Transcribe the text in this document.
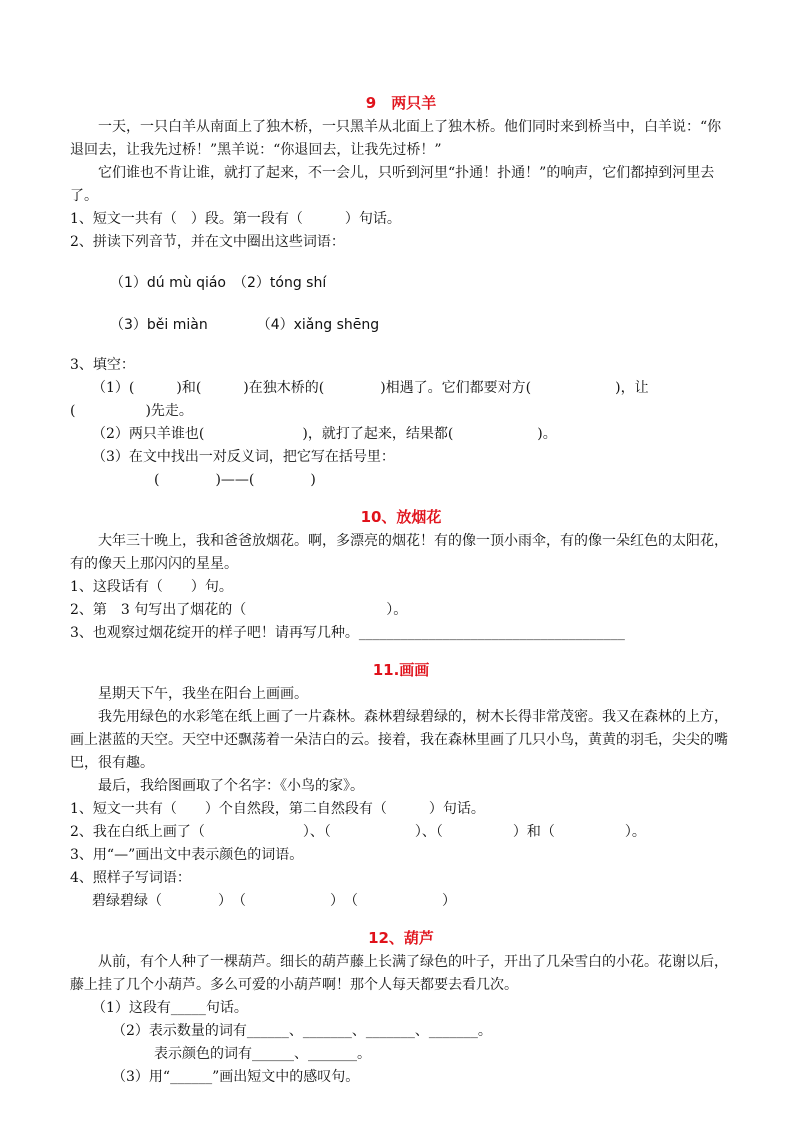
9　两只羊

一天，一只白羊从南面上了独木桥，一只黑羊从北面上了独木桥。他们同时来到桥当中，白羊说：“你退回去，让我先过桥！”黑羊说：“你退回去，让我先过桥！”

它们谁也不肯让谁，就打了起来，不一会儿，只听到河里“扑通！扑通！”的响声，它们都掉到河里去了。

1、短文一共有（　）段。第一段有（　　　）句话。

2、拼读下列音节，并在文中圈出这些词语：

（1）dú mù qiáo　（2）tóng shí

（3）běi miàn　　　　（4）xiǎng shēng

3、填空：

（1）(　　　)和(　　　)在独木桥的(　　　　)相遇了。它们都要对方(　　　　　　)，让

(　　　　　)先走。

（2）两只羊谁也(　　　　　　　)，就打了起来，结果都(　　　　　　)。

（3）在文中找出一对反义词，把它写在括号里：

(　　　　)——(　　　　)

10、放烟花

大年三十晚上，我和爸爸放烟花。啊，多漂亮的烟花！有的像一顶小雨伞，有的像一朵红色的太阳花，有的像天上那闪闪的星星。

1、这段话有（　　）句。

2、第　3 句写出了烟花的（　　　　　　　　　　）。

3、也观察过烟花绽开的样子吧！请再写几种。______________________________________

11.画画

星期天下午，我坐在阳台上画画。

我先用绿色的水彩笔在纸上画了一片森林。森林碧绿碧绿的，树木长得非常茂密。我又在森林的上方，画上湛蓝的天空。天空中还飘荡着一朵洁白的云。接着，我在森林里画了几只小鸟，黄黄的羽毛，尖尖的嘴巴，很有趣。

最后，我给图画取了个名字：《小鸟的家》。

1、短文一共有（　　）个自然段，第二自然段有（　　　）句话。

2、我在白纸上画了（　　　　　　　）、（　　　　　　）、（　　　　　）和（　　　　　）。

3、用“—”画出文中表示颜色的词语。

4、照样子写词语：

碧绿碧绿（　　　　）　（　　　　　　）　（　　　　　　）

12、葫芦

从前，有个人种了一棵葫芦。细长的葫芦藤上长满了绿色的叶子，开出了几朵雪白的小花。花谢以后，藤上挂了几个小葫芦。多么可爱的小葫芦啊！那个人每天都要去看几次。

（1）这段有_____句话。

（2）表示数量的词有______、_______、_______、_______。

表示颜色的词有______、_______。

（3）用“______”画出短文中的感叹句。
